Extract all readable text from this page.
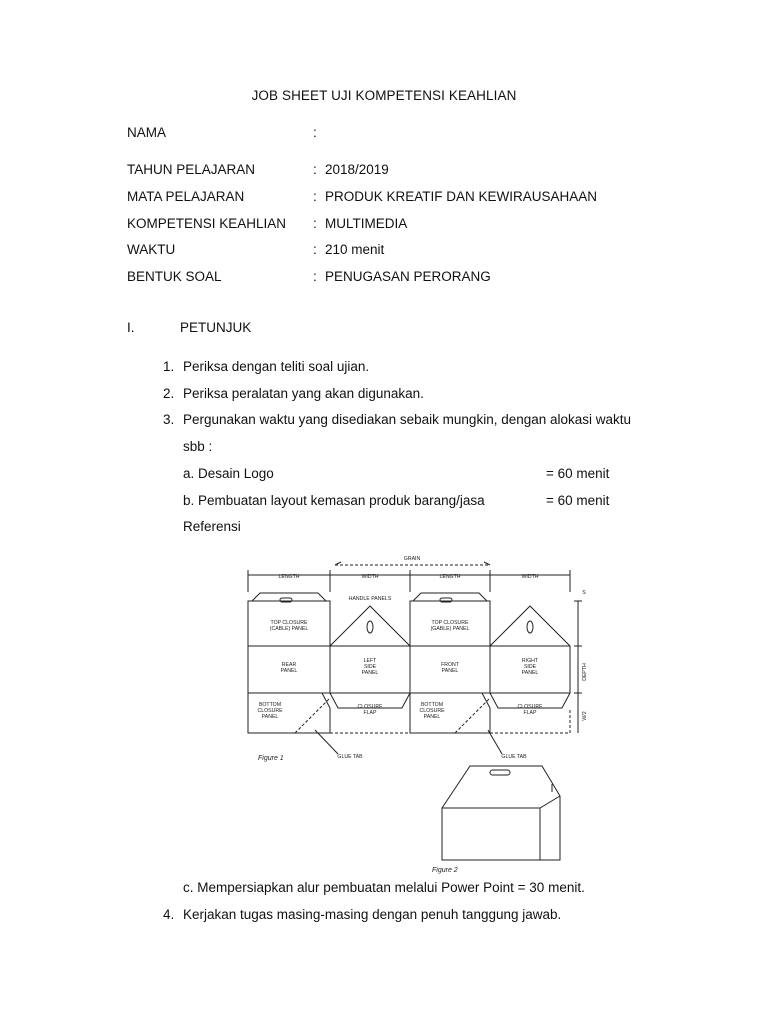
JOB SHEET UJI KOMPETENSI KEAHLIAN
NAMA	:
TAHUN PELAJARAN	: 2018/2019
MATA PELAJARAN	: PRODUK KREATIF DAN KEWIRAUSAHAAN
KOMPETENSI KEAHLIAN : MULTIMEDIA
WAKTU	: 210 menit
BENTUK SOAL	: PENUGASAN PERORANG
I.	PETUNJUK
1. Periksa dengan teliti soal ujian.
2. Periksa peralatan yang akan digunakan.
3. Pergunakan waktu yang disediakan sebaik mungkin, dengan alokasi waktu
sbb :
a. Desain Logo	= 60 menit
b. Pembuatan layout kemasan produk barang/jasa	= 60 menit
Referensi
GRAIN
LENGTH	WIDTH	LENGTH	WIDTH
HANDLE PANELS
TOP CLOSURE
(CABLE) PANEL
TOP CLOSURE
(GABLE) PANEL
REAR
PANEL
LEFT
SIDE
PANEL
FRONT
PANEL
RIGHT
SIDE
PANEL
BOTTOM
CLOSURE
PANEL
CLOSURE
FLAP
BOTTOM
CLOSURE
PANEL
CLOSURE
FLAP
GLUE TAB	GLUE TAB
S
DEPTH
W/2
Figure 1
Figure 2
c. Mempersiapkan alur pembuatan melalui Power Point = 30 menit.
4. Kerjakan tugas masing-masing dengan penuh tanggung jawab.
